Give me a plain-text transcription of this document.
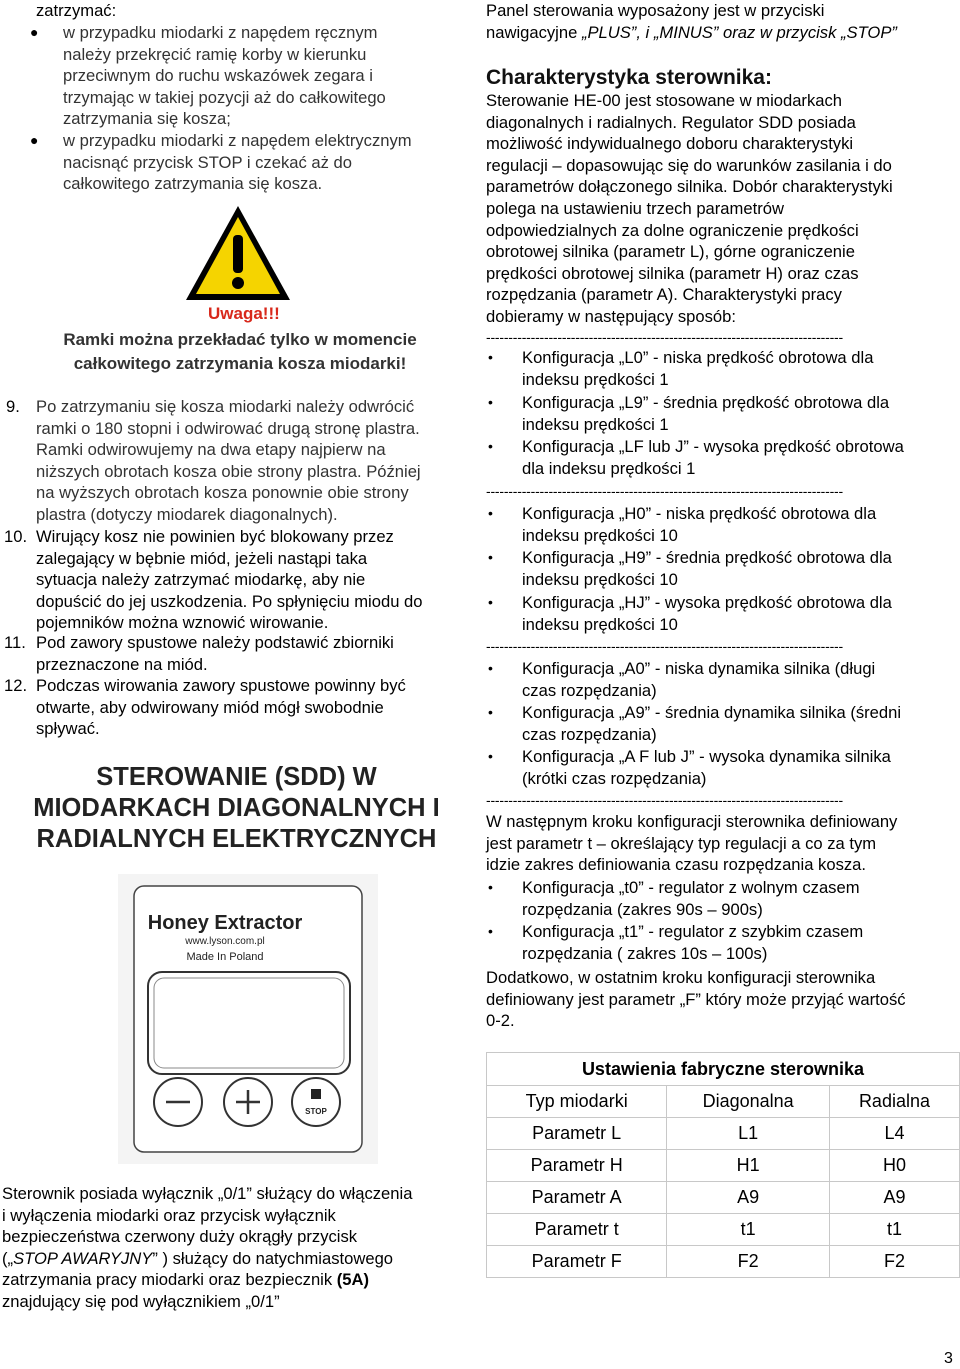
zatrzymać:
● w przypadku miodarki z napędem ręcznym
należy przekręcić ramię korby w kierunku
przeciwnym do ruchu wskazówek zegara i
trzymając w takiej pozycji aż do całkowitego
zatrzymania się kosza;
● w przypadku miodarki z napędem elektrycznym
nacisnąć przycisk STOP i czekać aż do
całkowitego zatrzymania się kosza.
Uwaga!!!
Ramki można przekładać tylko w momencie
całkowitego zatrzymania kosza miodarki!
9. Po zatrzymaniu się kosza miodarki należy odwrócić
ramki o 180 stopni i odwirować drugą stronę plastra.
Ramki odwirowujemy na dwa etapy najpierw na
niższych obrotach kosza obie strony plastra. Później
na wyższych obrotach kosza ponownie obie strony
plastra (dotyczy miodarek diagonalnych).
10. Wirujący kosz nie powinien być blokowany przez
zalegający w bębnie miód, jeżeli nastąpi taka
sytuacja należy zatrzymać miodarkę, aby nie
dopuścić do jej uszkodzenia. Po spłynięciu miodu do
pojemników można wznowić wirowanie.
11. Pod zawory spustowe należy podstawić zbiorniki
przeznaczone na miód.
12. Podczas wirowania zawory spustowe powinny być
otwarte, aby odwirowany miód mógł swobodnie
spływać.
STEROWANIE (SDD) W
MIODARKACH DIAGONALNYCH I
RADIALNYCH ELEKTRYCZNYCH
Honey Extractor
www.lyson.com.pl
Made In Poland
STOP
Sterownik posiada wyłącznik „0/1” służący do włączenia
i wyłączenia miodarki oraz przycisk wyłącznik
bezpieczeństwa czerwony duży okrągły przycisk
(„STOP AWARYJNY” ) służący do natychmiastowego
zatrzymania pracy miodarki oraz bezpiecznik (5A)
znajdujący się pod wyłącznikiem „0/1”
Panel sterowania wyposażony jest w przyciski
nawigacyjne „PLUS”, i „MINUS” oraz w przycisk „STOP”
Charakterystyka sterownika:
Sterowanie HE-00 jest stosowane w miodarkach
diagonalnych i radialnych. Regulator SDD posiada
możliwość indywidualnego doboru charakterystyki
regulacji – dopasowując się do warunków zasilania i do
parametrów dołączonego silnika. Dobór charakterystyki
polega na ustawieniu trzech parametrów
odpowiedzialnych za dolne ograniczenie prędkości
obrotowej silnika (parametr L), górne ograniczenie
prędkości obrotowej silnika (parametr H) oraz czas
rozpędzania (parametr A). Charakterystyki pracy
dobieramy w następujący sposób:
--------------------------------------------------------------------------------
• Konfiguracja „L0” - niska prędkość obrotowa dla
indeksu prędkości 1
• Konfiguracja „L9” - średnia prędkość obrotowa dla
indeksu prędkości 1
• Konfiguracja „LF lub J” - wysoka prędkość obrotowa
dla indeksu prędkości 1
--------------------------------------------------------------------------------
• Konfiguracja „H0” - niska prędkość obrotowa dla
indeksu prędkości 10
• Konfiguracja „H9” - średnia prędkość obrotowa dla
indeksu prędkości 10
• Konfiguracja „HJ” - wysoka prędkość obrotowa dla
indeksu prędkości 10
--------------------------------------------------------------------------------
• Konfiguracja „A0” - niska dynamika silnika (długi
czas rozpędzania)
• Konfiguracja „A9” - średnia dynamika silnika (średni
czas rozpędzania)
• Konfiguracja „A F lub J” - wysoka dynamika silnika
(krótki czas rozpędzania)
--------------------------------------------------------------------------------
W następnym kroku konfiguracji sterownika definiowany
jest parametr t – określający typ regulacji a co za tym
idzie zakres definiowania czasu rozpędzania kosza.
• Konfiguracja „t0” - regulator z wolnym czasem
rozpędzania (zakres 90s – 900s)
• Konfiguracja „t1” - regulator z szybkim czasem
rozpędzania ( zakres 10s – 100s)
Dodatkowo, w ostatnim kroku konfiguracji sterownika
definiowany jest parametr „F” który może przyjąć wartość
0-2.
Ustawienia fabryczne sterownika		
Typ miodarki	Diagonalna	Radialna
Parametr L	L1	L4
Parametr H	H1	H0
Parametr A	A9	A9
Parametr t	t1	t1
Parametr F	F2	F2
3
